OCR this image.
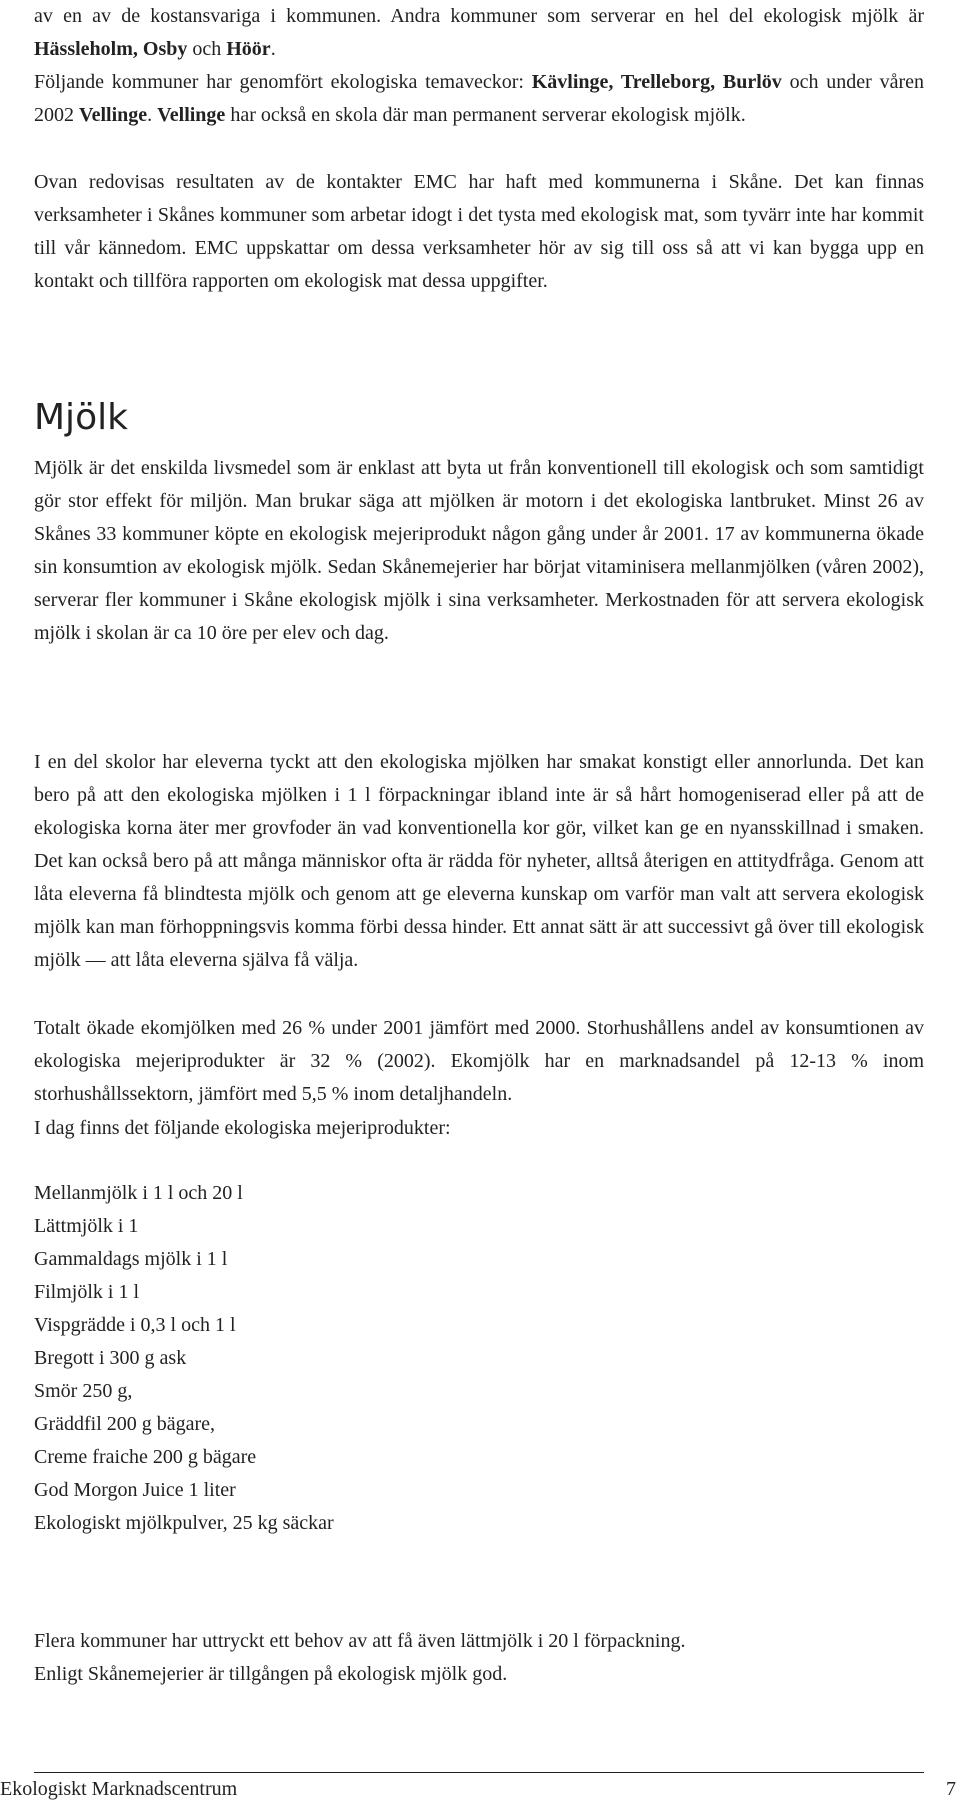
av en av de kostansvariga i kommunen. Andra kommuner som serverar en hel del ekologisk mjölk är Hässleholm, Osby och Höör.

Följande kommuner har genomfört ekologiska temaveckor: Kävlinge, Trelleborg, Burlöv och under våren 2002 Vellinge. Vellinge har också en skola där man permanent serverar ekologisk mjölk.

Ovan redovisas resultaten av de kontakter EMC har haft med kommunerna i Skåne. Det kan finnas verksamheter i Skånes kommuner som arbetar idogt i det tysta med ekologisk mat, som tyvärr inte har kommit till vår kännedom. EMC uppskattar om dessa verksamheter hör av sig till oss så att vi kan bygga upp en kontakt och tillföra rapporten om ekologisk mat dessa uppgifter.

Mjölk

Mjölk är det enskilda livsmedel som är enklast att byta ut från konventionell till ekologisk och som samtidigt gör stor effekt för miljön. Man brukar säga att mjölken är motorn i det ekologiska lantbruket. Minst 26 av Skånes 33 kommuner köpte en ekologisk mejeriprodukt någon gång under år 2001. 17 av kommunerna ökade sin konsumtion av ekologisk mjölk. Sedan Skånemejerier har börjat vitaminisera mellanmjölken (våren 2002), serverar fler kommuner i Skåne ekologisk mjölk i sina verksamheter. Merkostnaden för att servera ekologisk mjölk i skolan är ca 10 öre per elev och dag.

I en del skolor har eleverna tyckt att den ekologiska mjölken har smakat konstigt eller annorlunda. Det kan bero på att den ekologiska mjölken i 1 l förpackningar ibland inte är så hårt homogeniserad eller på att de ekologiska korna äter mer grovfoder än vad konventionella kor gör, vilket kan ge en nyansskillnad i smaken. Det kan också bero på att många människor ofta är rädda för nyheter, alltså återigen en attitydfråga. Genom att låta eleverna få blindtesta mjölk och genom att ge eleverna kunskap om varför man valt att servera ekologisk mjölk kan man förhoppningsvis komma förbi dessa hinder. Ett annat sätt är att successivt gå över till ekologisk mjölk — att låta eleverna själva få välja.

Totalt ökade ekomjölken med 26 % under 2001 jämfört med 2000. Storhushållens andel av konsumtionen av ekologiska mejeriprodukter är 32 % (2002). Ekomjölk har en marknadsandel på 12-13 % inom storhushållssektorn, jämfört med 5,5 % inom detaljhandeln.

I dag finns det följande ekologiska mejeriprodukter:

Mellanmjölk i 1 l och 20 l
Lättmjölk i 1
Gammaldags mjölk i 1 l
Filmjölk i 1 l
Vispgrädde i 0,3 l och 1 l
Bregott i 300 g ask
Smör 250 g,
Gräddfil 200 g bägare,
Creme fraiche 200 g bägare
God Morgon Juice 1 liter
Ekologiskt mjölkpulver, 25 kg säckar

Flera kommuner har uttryckt ett behov av att få även lättmjölk i 20 l förpackning.
Enligt Skånemejerier är tillgången på ekologisk mjölk god.

Ekologiskt Marknadscentrum	7
